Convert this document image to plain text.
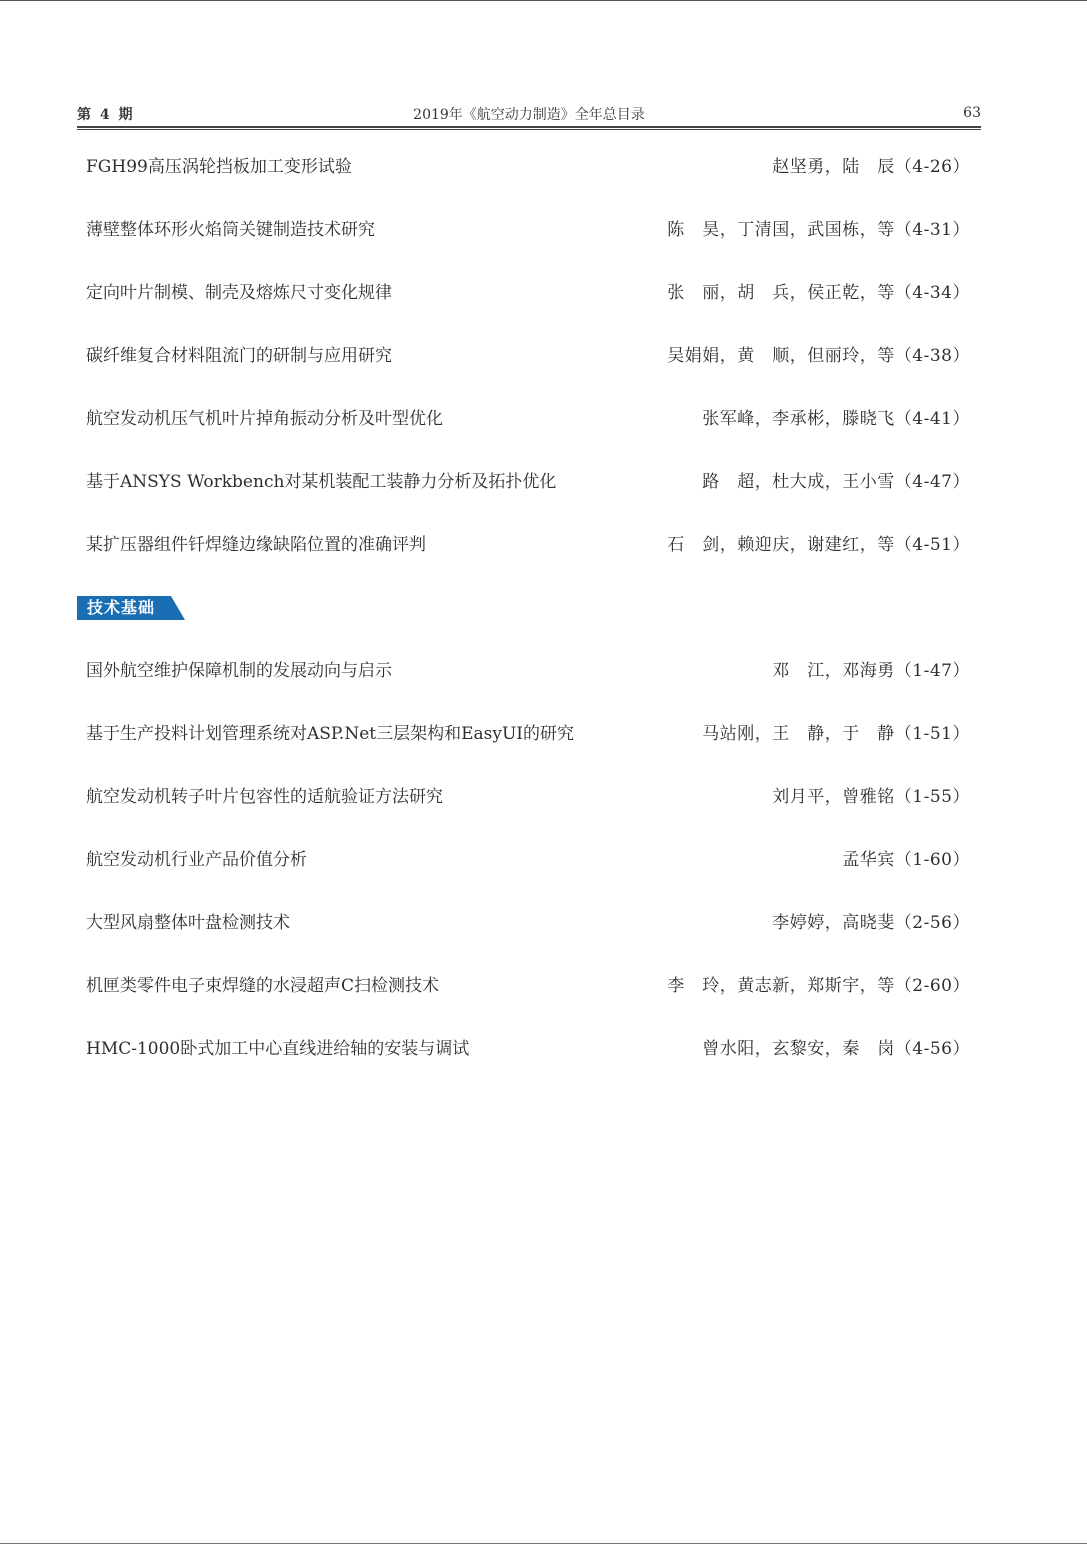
第 4 期	2019年《航空动力制造》全年总目录	63
FGH99高压涡轮挡板加工变形试验	赵坚勇，陆　辰（4-26）
薄壁整体环形火焰筒关键制造技术研究	陈　昊，丁清国，武国栋，等（4-31）
定向叶片制模、制壳及熔炼尺寸变化规律	张　丽，胡　兵，侯正乾，等（4-34）
碳纤维复合材料阻流门的研制与应用研究	吴娟娟，黄　顺，但丽玲，等（4-38）
航空发动机压气机叶片掉角振动分析及叶型优化	张军峰，李承彬，滕晓飞（4-41）
基于ANSYS Workbench对某机装配工装静力分析及拓扑优化	路　超，杜大成，王小雪（4-47）
某扩压器组件钎焊缝边缘缺陷位置的准确评判	石　剑，赖迎庆，谢建红，等（4-51）
技术基础
国外航空维护保障机制的发展动向与启示	邓　江，邓海勇（1-47）
基于生产投料计划管理系统对ASP.Net三层架构和EasyUI的研究	马站刚，王　静，于　静（1-51）
航空发动机转子叶片包容性的适航验证方法研究	刘月平，曾雅铭（1-55）
航空发动机行业产品价值分析	孟华宾（1-60）
大型风扇整体叶盘检测技术	李婷婷，高晓斐（2-56）
机匣类零件电子束焊缝的水浸超声C扫检测技术	李　玲，黄志新，郑斯宇，等（2-60）
HMC-1000卧式加工中心直线进给轴的安装与调试	曾水阳，玄黎安，秦　岗（4-56）
